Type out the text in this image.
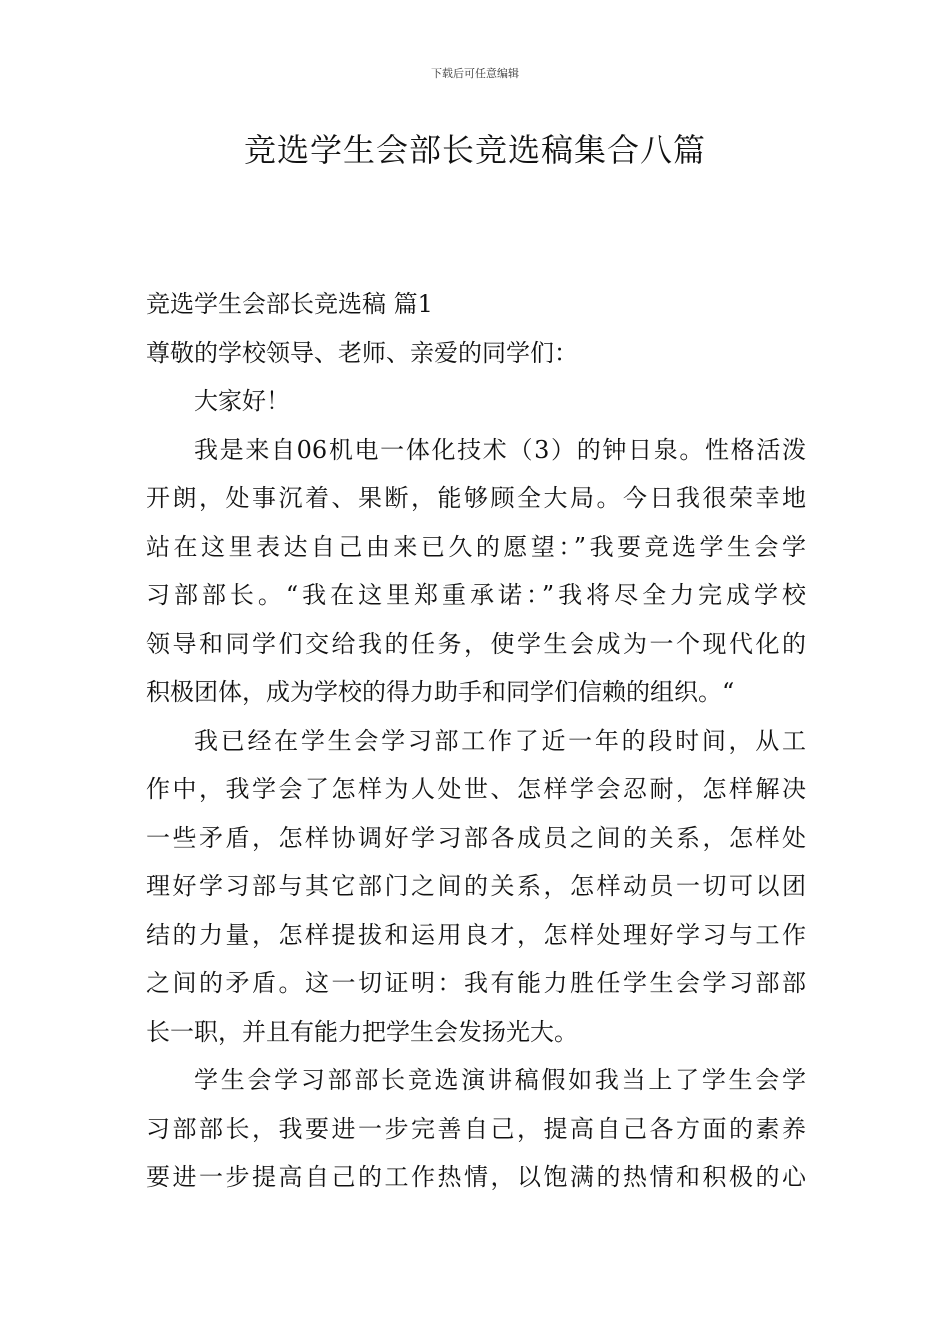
下载后可任意编辑
竞选学生会部长竞选稿集合八篇
竞选学生会部长竞选稿 篇1
尊敬的学校领导、老师、亲爱的同学们：
大家好！
我是来自06机电一体化技术（3）的钟日泉。性格活泼
开朗，处事沉着、果断，能够顾全大局。今日我很荣幸地
站在这里表达自己由来已久的愿望：”我要竞选学生会学
习部部长。“我在这里郑重承诺：”我将尽全力完成学校
领导和同学们交给我的任务，使学生会成为一个现代化的
积极团体，成为学校的得力助手和同学们信赖的组织。“
我已经在学生会学习部工作了近一年的段时间，从工
作中，我学会了怎样为人处世、怎样学会忍耐，怎样解决
一些矛盾，怎样协调好学习部各成员之间的关系，怎样处
理好学习部与其它部门之间的关系，怎样动员一切可以团
结的力量，怎样提拔和运用良才，怎样处理好学习与工作
之间的矛盾。这一切证明：我有能力胜任学生会学习部部
长一职，并且有能力把学生会发扬光大。
学生会学习部部长竞选演讲稿假如我当上了学生会学
习部部长，我要进一步完善自己，提高自己各方面的素养
要进一步提高自己的工作热情，以饱满的热情和积极的心
